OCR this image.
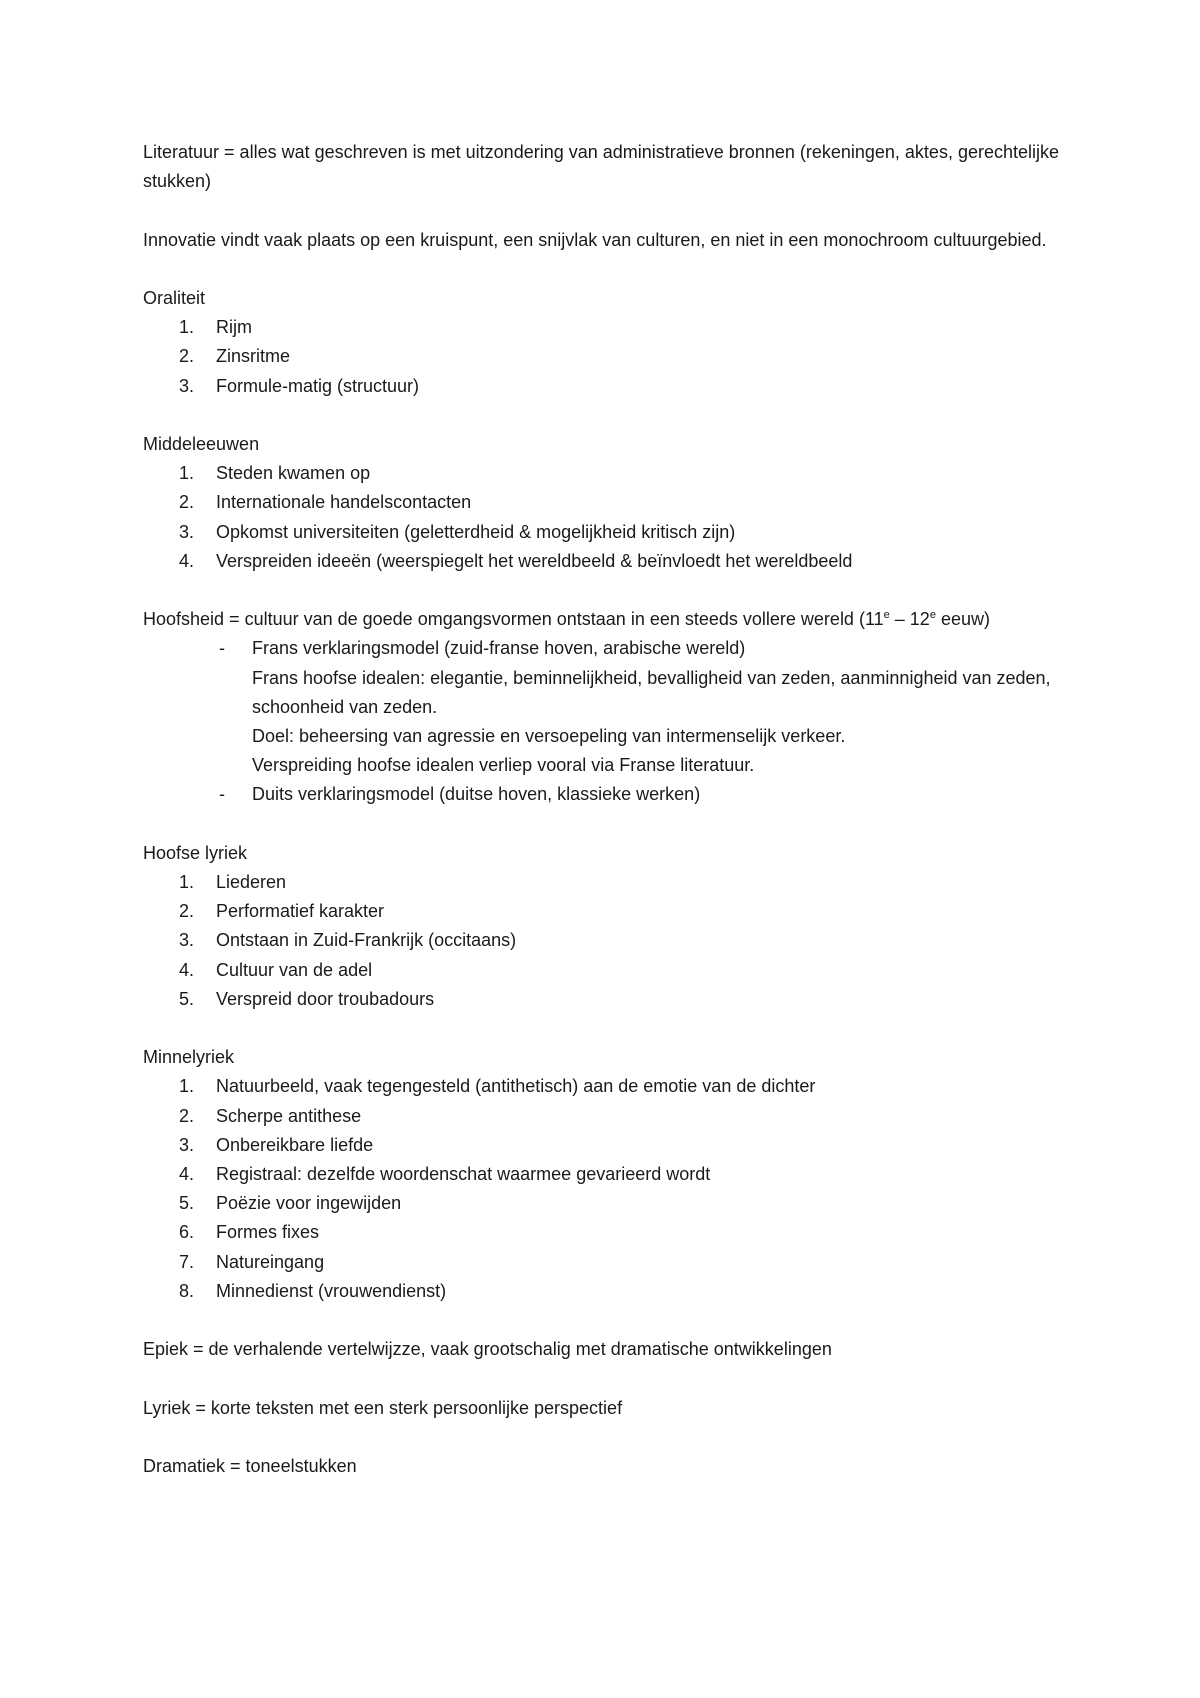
Literatuur = alles wat geschreven is met uitzondering van administratieve bronnen (rekeningen, aktes, gerechtelijke stukken)

Innovatie vindt vaak plaats op een kruispunt, een snijvlak van culturen, en niet in een monochroom cultuurgebied.

Oraliteit

1.	Rijm
2.	Zinsritme
3.	Formule-matig (structuur)

Middeleeuwen

1.	Steden kwamen op
2.	Internationale handelscontacten
3.	Opkomst universiteiten (geletterdheid & mogelijkheid kritisch zijn)
4.	Verspreiden ideeën (weerspiegelt het wereldbeeld & beïnvloedt het wereldbeeld

Hoofsheid = cultuur van de goede omgangsvormen ontstaan in een steeds vollere wereld (11e – 12e eeuw)

- Frans verklaringsmodel (zuid-franse hoven, arabische wereld)
Frans hoofse idealen: elegantie, beminnelijkheid, bevalligheid van zeden, aanminnigheid van zeden, schoonheid van zeden.
Doel: beheersing van agressie en versoepeling van intermenselijk verkeer.
Verspreiding hoofse idealen verliep vooral via Franse literatuur.
- Duits verklaringsmodel (duitse hoven, klassieke werken)

Hoofse lyriek

1.	Liederen
2.	Performatief karakter
3.	Ontstaan in Zuid-Frankrijk (occitaans)
4.	Cultuur van de adel
5.	Verspreid door troubadours

Minnelyriek

1.	Natuurbeeld, vaak tegengesteld (antithetisch) aan de emotie van de dichter
2.	Scherpe antithese
3.	Onbereikbare liefde
4.	Registraal: dezelfde woordenschat waarmee gevarieerd wordt
5.	Poëzie voor ingewijden
6.	Formes fixes
7.	Natureingang
8.	Minnedienst (vrouwendienst)

Epiek = de verhalende vertelwijzze, vaak grootschalig met dramatische ontwikkelingen

Lyriek = korte teksten met een sterk persoonlijke perspectief

Dramatiek = toneelstukken
